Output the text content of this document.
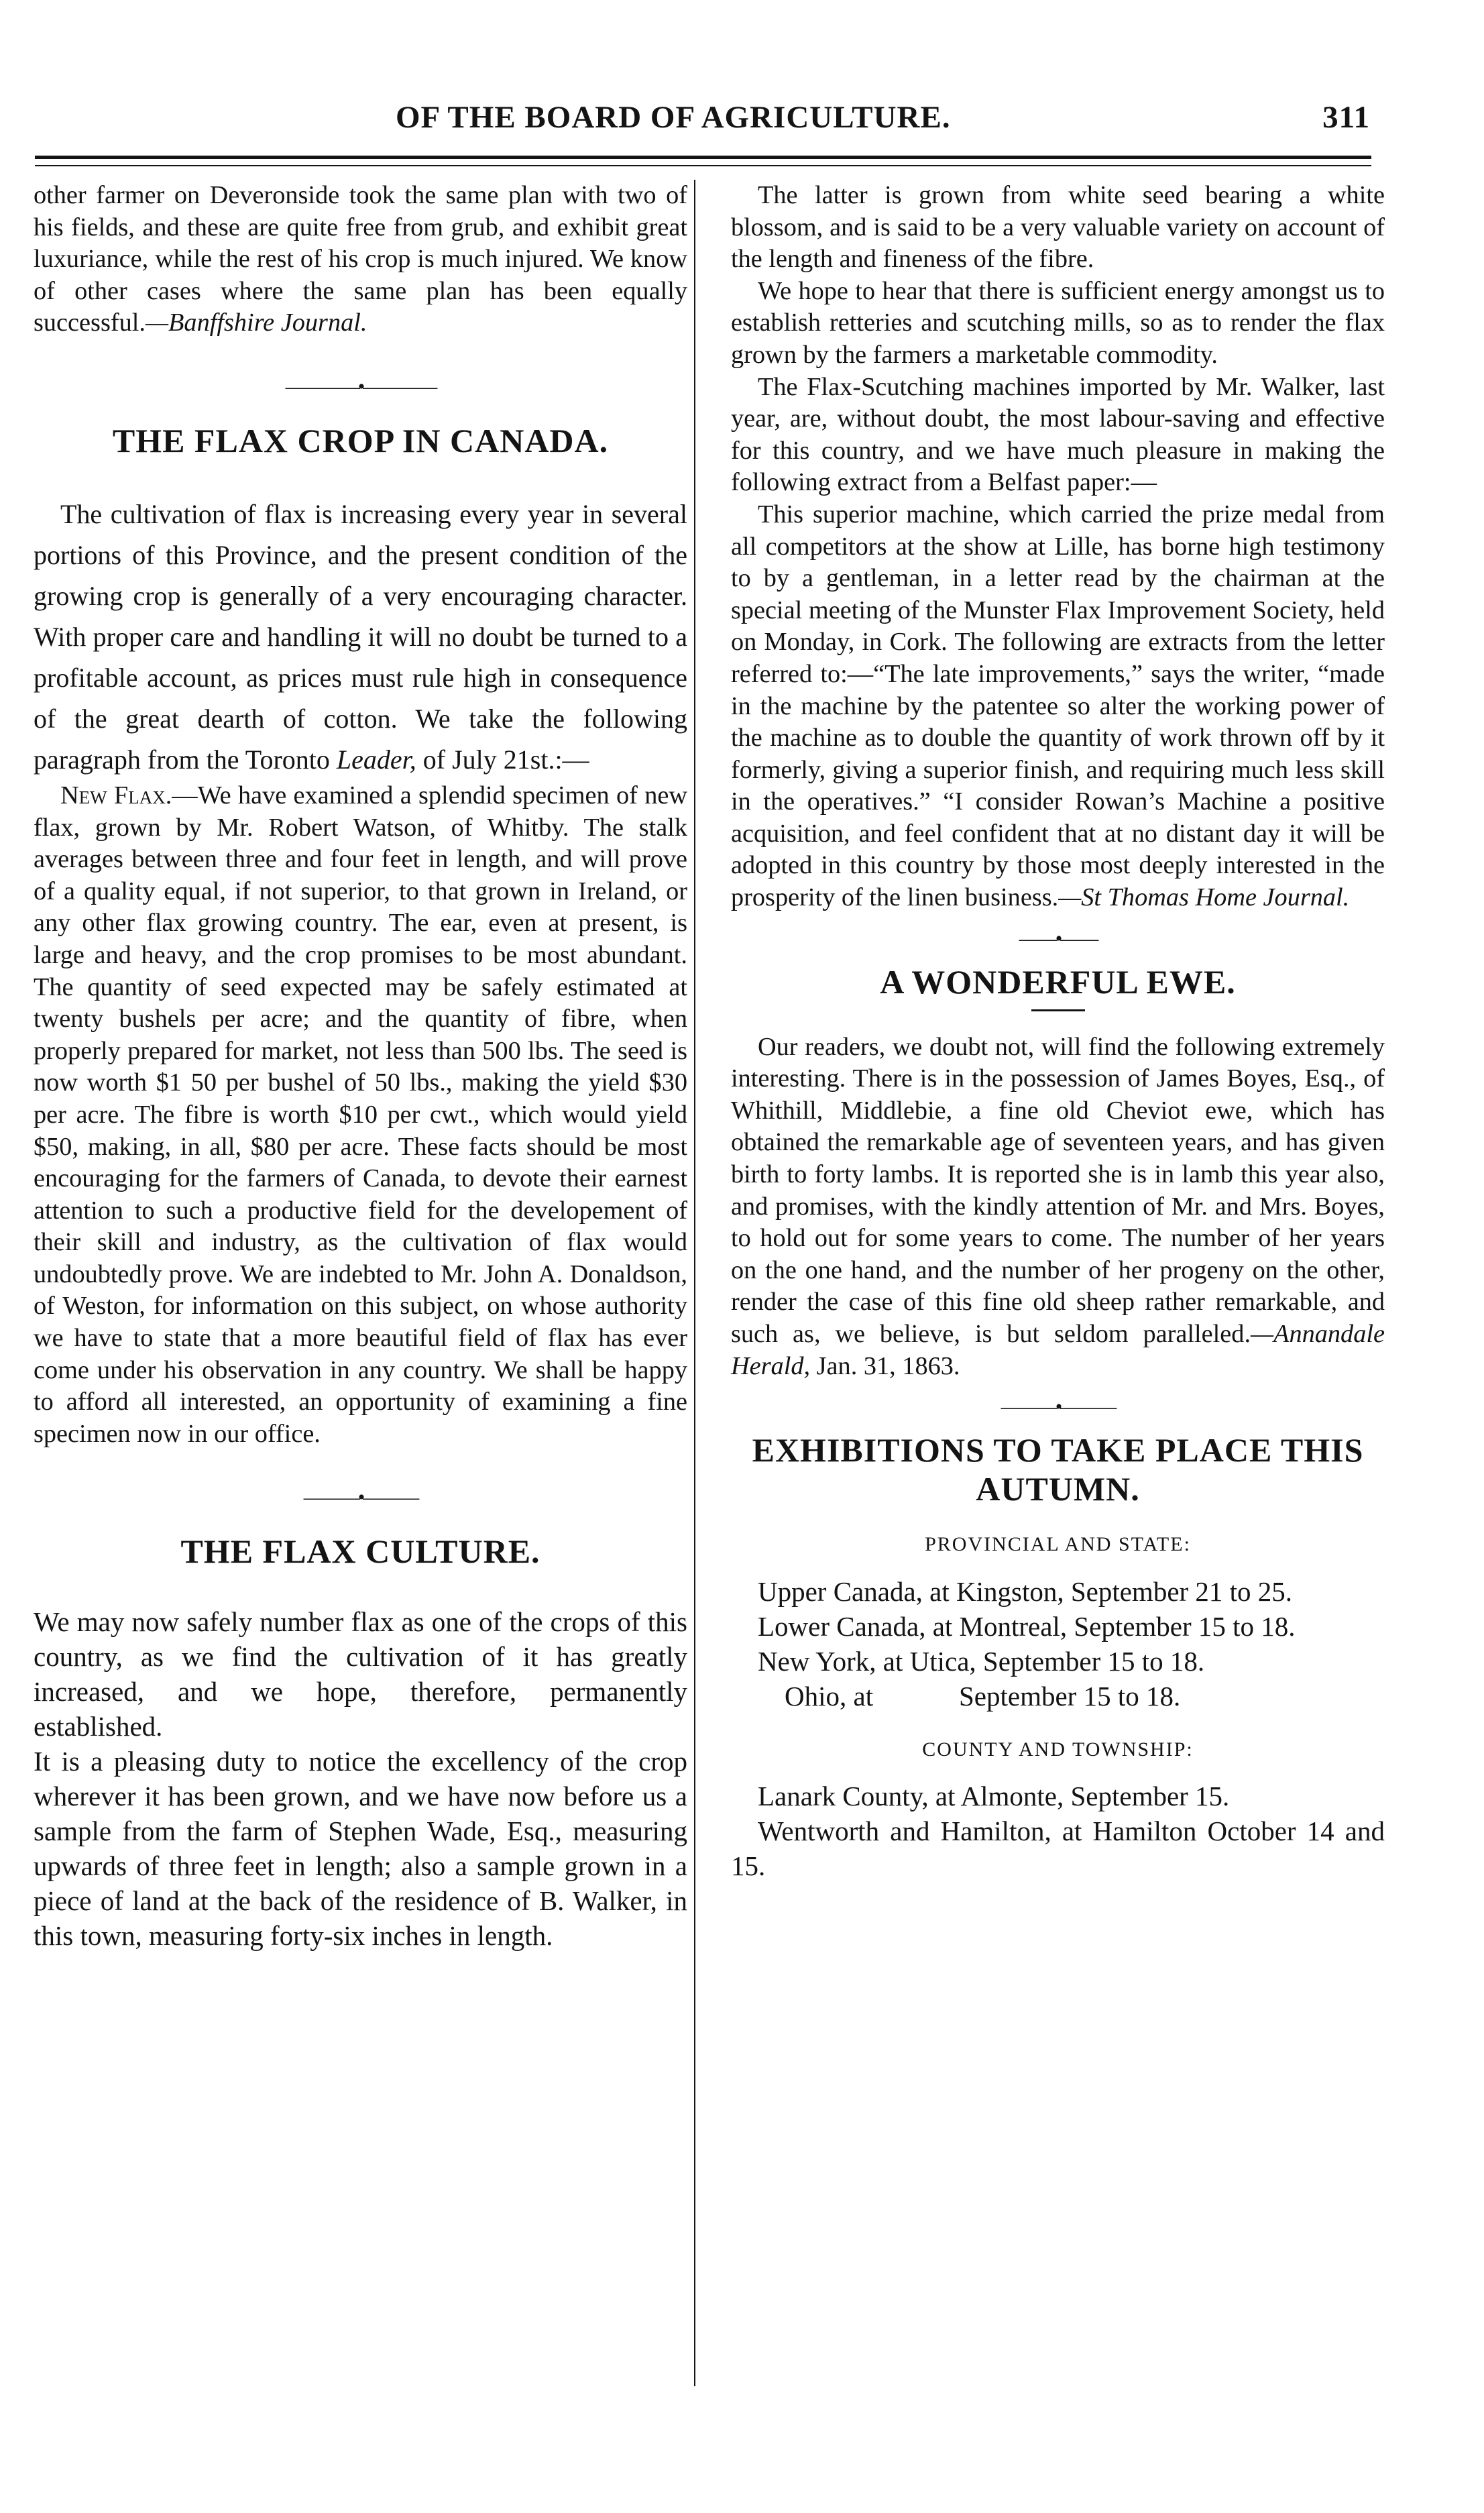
OF THE BOARD OF AGRICULTURE.	311

other farmer on Deveronside took the same plan with two of his fields, and these are quite free from grub, and exhibit great luxuriance, while the rest of his crop is much injured. We know of other cases where the same plan has been equally successful.—Banffshire Journal.

————•————
THE FLAX CROP IN CANADA.

The cultivation of flax is increasing every year in several portions of this Province, and the present condition of the growing crop is generally of a very encouraging character. With proper care and handling it will no doubt be turned to a profitable account, as prices must rule high in consequence of the great dearth of cotton. We take the following paragraph from the Toronto Leader, of July 21st.:—

New Flax.—We have examined a splendid specimen of new flax, grown by Mr. Robert Watson, of Whitby. The stalk averages between three and four feet in length, and will prove of a quality equal, if not superior, to that grown in Ireland, or any other flax growing country. The ear, even at present, is large and heavy, and the crop promises to be most abundant. The quantity of seed expected may be safely estimated at twenty bushels per acre; and the quantity of fibre, when properly prepared for market, not less than 500 lbs. The seed is now worth $1 50 per bushel of 50 lbs., making the yield $30 per acre. The fibre is worth $10 per cwt., which would yield $50, making, in all, $80 per acre. These facts should be most encouraging for the farmers of Canada, to devote their earnest attention to such a productive field for the developement of their skill and industry, as the cultivation of flax would undoubtedly prove. We are indebted to Mr. John A. Donaldson, of Weston, for information on this subject, on whose authority we have to state that a more beautiful field of flax has ever come under his observation in any country. We shall be happy to afford all interested, an opportunity of examining a fine specimen now in our office.

———•———
THE FLAX CULTURE.

We may now safely number flax as one of the crops of this country, as we find the cultivation of it has greatly increased, and we hope, therefore, permanently established.

It is a pleasing duty to notice the excellency of the crop wherever it has been grown, and we have now before us a sample from the farm of Stephen Wade, Esq., measuring upwards of three feet in length; also a sample grown in a piece of land at the back of the residence of B. Walker, in this town, measuring forty-six inches in length.

The latter is grown from white seed bearing a white blossom, and is said to be a very valuable variety on account of the length and fineness of the fibre.

We hope to hear that there is sufficient energy amongst us to establish retteries and scutching mills, so as to render the flax grown by the farmers a marketable commodity.

The Flax-Scutching machines imported by Mr. Walker, last year, are, without doubt, the most labour-saving and effective for this country, and we have much pleasure in making the following extract from a Belfast paper:—

This superior machine, which carried the prize medal from all competitors at the show at Lille, has borne high testimony to by a gentleman, in a letter read by the chairman at the special meeting of the Munster Flax Improvement Society, held on Monday, in Cork. The following are extracts from the letter referred to:—“The late improvements,” says the writer, “made in the machine by the patentee so alter the working power of the machine as to double the quantity of work thrown off by it formerly, giving a superior finish, and requiring much less skill in the operatives.” “I consider Rowan’s Machine a positive acquisition, and feel confident that at no distant day it will be adopted in this country by those most deeply interested in the prosperity of the linen business.—St Thomas Home Journal.

——•——
A WONDERFUL EWE.

Our readers, we doubt not, will find the following extremely interesting. There is in the possession of James Boyes, Esq., of Whithill, Middlebie, a fine old Cheviot ewe, which has obtained the remarkable age of seventeen years, and has given birth to forty lambs. It is reported she is in lamb this year also, and promises, with the kindly attention of Mr. and Mrs. Boyes, to hold out for some years to come. The number of her years on the one hand, and the number of her progeny on the other, render the case of this fine old sheep rather remarkable, and such as, we believe, is but seldom paralleled.—Annandale Herald, Jan. 31, 1863.

———•———
EXHIBITIONS TO TAKE PLACE THIS AUTUMN.
PROVINCIAL AND STATE:

Upper Canada, at Kingston, September 21 to 25.

Lower Canada, at Montreal, September 15 to 18.

New York, at Utica, September 15 to 18.

Ohio, at	September 15 to 18.

COUNTY AND TOWNSHIP:

Lanark County, at Almonte, September 15.

Wentworth and Hamilton, at Hamilton October 14 and 15.
